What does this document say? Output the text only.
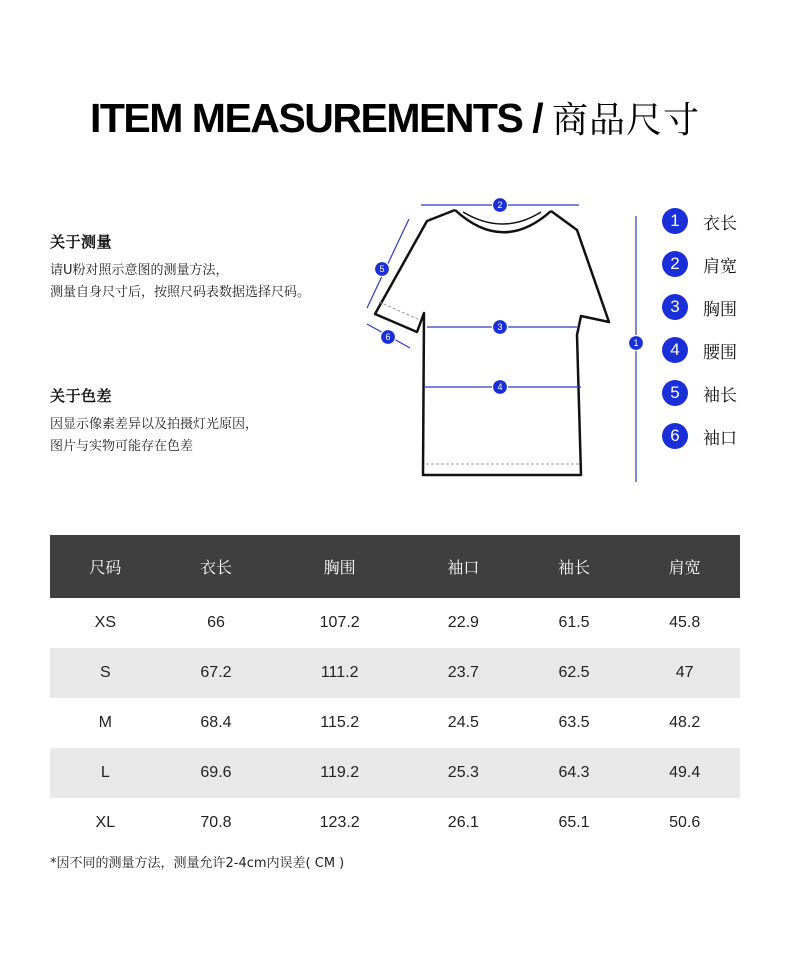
ITEM MEASUREMENTS / 商品尺寸
关于测量
请U粉对照示意图的测量方法，
测量自身尺寸后，按照尺码表数据选择尺码。
关于色差
因显示像素差异以及拍摄灯光原因，
图片与实物可能存在色差
1
2
3
4
5
6
1	衣长
2	肩宽
3	胸围
4	腰围
5	袖长
6	袖口
尺码	衣长	胸围	袖口	袖长	肩宽
XS	66	107.2	22.9	61.5	45.8
S	67.2	111.2	23.7	62.5	47
M	68.4	115.2	24.5	63.5	48.2
L	69.6	119.2	25.3	64.3	49.4
XL	70.8	123.2	26.1	65.1	50.6
*因不同的测量方法，测量允许2-4cm内误差( CM )
